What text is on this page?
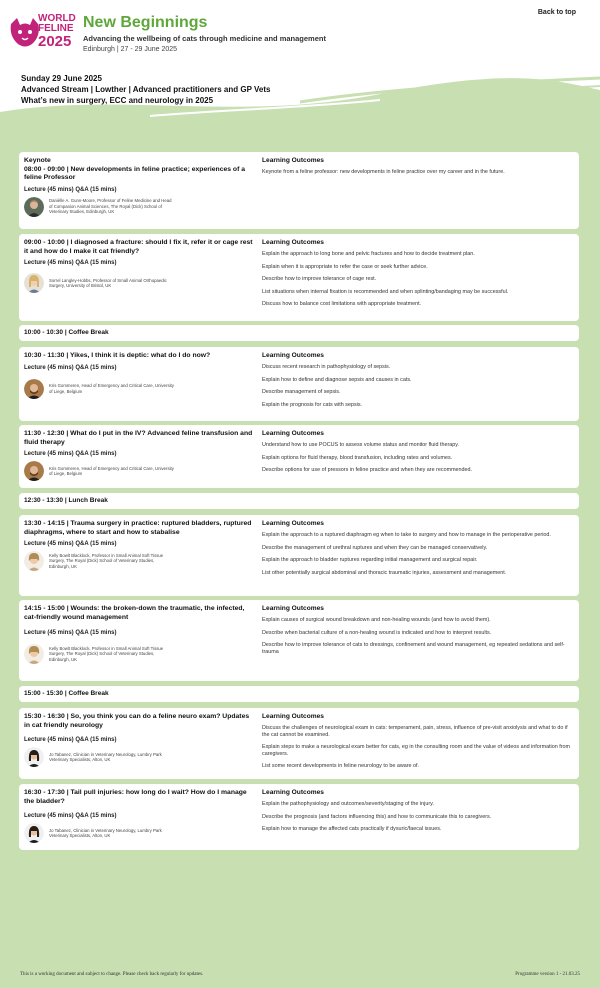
WORLD
FELINE
2025
New Beginnings
Advancing the wellbeing of cats through medicine and management
Edinburgh | 27 - 29 June 2025
Back to top
Sunday 29 June 2025
Advanced Stream | Lowther | Advanced practitioners and GP Vets
What’s new in surgery, ECC and neurology in 2025
Keynote
08:00 - 09:00 | New developments in feline practice; experiences of a feline Professor
Lecture (45 mins) Q&A (15 mins)
Danièlle A. Gunn-Moore, Professor of Feline Medicine and Head of Companion Animal Sciences, The Royal (Dick) School of Veterinary Studies, Edinburgh, UK
Learning Outcomes
Keynote from a feline professor: new developments in feline practice over my career and in the future.
09:00 - 10:00 | I diagnosed a fracture: should I fix it, refer it or cage rest it and how do I make it cat friendly?
Lecture (45 mins) Q&A (15 mins)
Sorrel Langley-Hobbs, Professor of Small Animal Orthopaedic Surgery, University of Bristol, UK
Learning Outcomes
Explain the approach to long bone and pelvic fractures and how to decide treatment plan.
Explain when it is appropriate to refer the case or seek further advice.
Describe how to improve tolerance of cage rest.
List situations when internal fixation is recommended and when splinting/bandaging may be successful.
Discuss how to balance cost limitations with appropriate treatment.
10:00 - 10:30 | Coffee Break
10:30 - 11:30 | Yikes, I think it is deptic: what do I do now?
Lecture (45 mins) Q&A (15 mins)
Kris Gommeren, Head of Emergency and Critical Care, University of Liege, Belgium
Learning Outcomes
Discuss recent research in pathophysiology of sepsis.
Explain how to define and diagnose sepsis and causes in cats.
Describe management of sepsis.
Explain the prognosis for cats with sepsis.
11:30 - 12:30 | What do I put in the IV? Advanced feline transfusion and fluid therapy
Lecture (45 mins) Q&A (15 mins)
Kris Gommeren, Head of Emergency and Critical Care, University of Liege, Belgium
Learning Outcomes
Understand how to use POCUS to assess volume status and monitor fluid therapy.
Explain options for fluid therapy, blood transfusion, including rates and volumes.
Describe options for use of pressors in feline practice and when they are recommended.
12:30 - 13:30 | Lunch Break
13:30 - 14:15 | Trauma surgery in practice: ruptured bladders, ruptured diaphragms, where to start and how to stabalise
Lecture (45 mins) Q&A (15 mins)
Kelly Bowlt Blacklock, Professor in Small Animal Soft Tissue Surgery, The Royal (Dick) School of Veterinary Studies, Edinburgh, UK
Learning Outcomes
Explain the approach to a ruptured diaphragm eg when to take to surgery and how to manage in the perioperative period.
Describe the management of urethral ruptures and when they can be managed conservatively.
Explain the approach to bladder ruptures regarding initial management and surgical repair.
List other potentially surgical abdominal and thoracic traumatic injuries, assessment and management.
14:15 - 15:00 | Wounds: the broken-down the traumatic, the infected, cat-friendly wound management
Lecture (45 mins) Q&A (15 mins)
Kelly Bowlt Blacklock, Professor in Small Animal Soft Tissue Surgery, The Royal (Dick) School of Veterinary Studies, Edinburgh, UK
Learning Outcomes
Explain causes of surgical wound breakdown and non-healing wounds (and how to avoid them).
Describe when bacterial culture of a non-healing wound is indicated and how to interpret results.
Describe how to improve tolerance of cats to dressings, confinement and wound management, eg repeated sedations and self-trauma
15:00 - 15:30 | Coffee Break
15:30 - 16:30 | So, you think you can do a feline neuro exam? Updates in cat friendly neurology
Lecture (45 mins) Q&A (15 mins)
Jo Tabanez, Clinician in Veterinary Neurology, Lumbry Park Veterinary Specialists, Alton, UK
Learning Outcomes
Discuss the challenges of neurological exam in cats: temperament, pain, stress, influence of pre-visit anxiolysis and what to do if the cat cannot be examined.
Explain steps to make a neurological exam better for cats, eg in the consulting room and the value of videos and information from caregivers.
List some recent developments in feline neurology to be aware of.
16:30 - 17:30 | Tail pull injuries: how long do I wait? How do I manage the bladder?
Lecture (45 mins) Q&A (15 mins)
Jo Tabanez, Clinician in Veterinary Neurology, Lumbry Park Veterinary Specialists, Alton, UK
Learning Outcomes
Explain the pathophysiology and outcomes/severity/staging of the injury.
Describe the prognosis (and factors influencing this) and how to communicate this to caregivers.
Explain how to manage the affected cats practically if dysuric/faecal issues.
This is a working document and subject to change. Please check back regularly for updates.	Programme version 1 - 21.03.25
